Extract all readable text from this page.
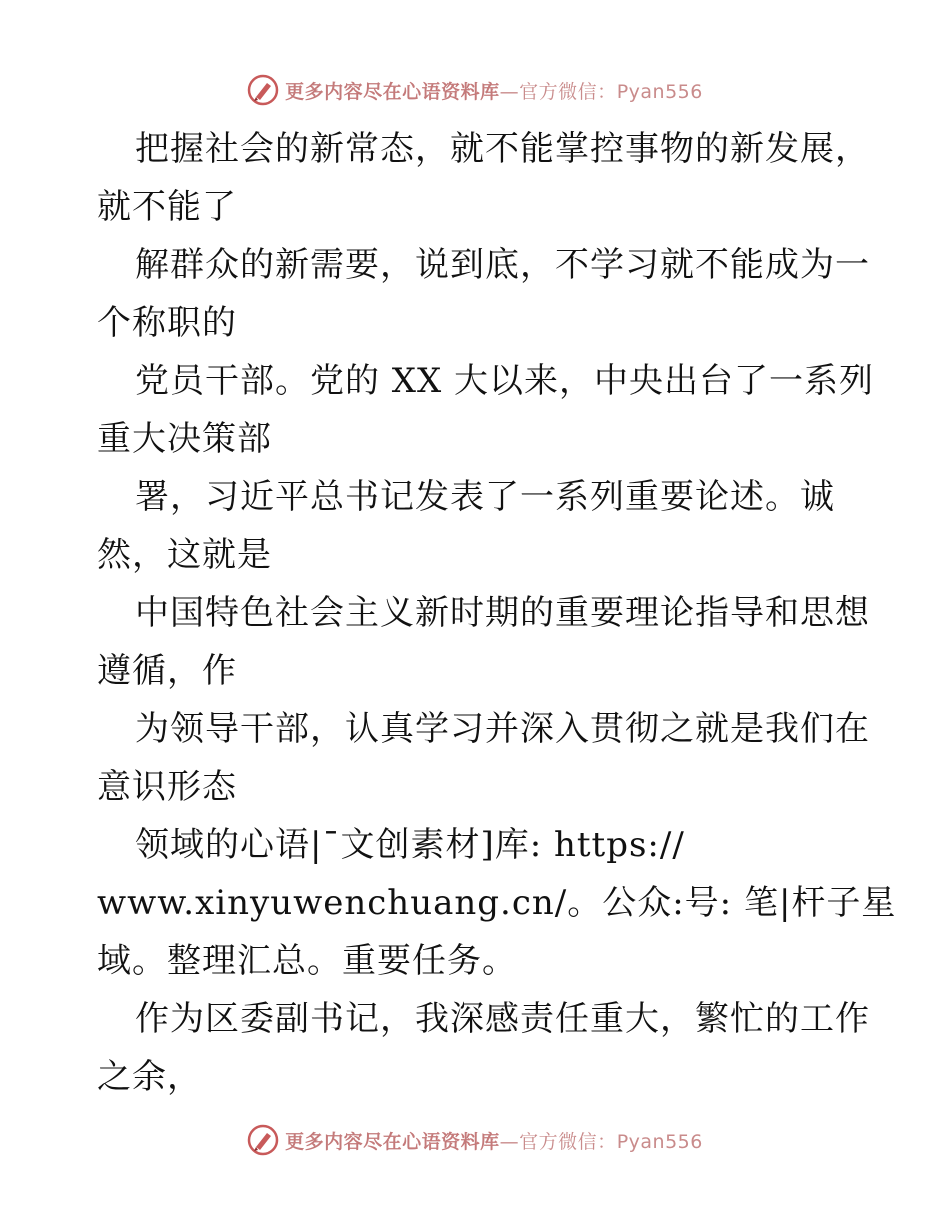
更多内容尽在心语资料库—官方微信：Pyan556
把握社会的新常态，就不能掌控事物的新发展，
就不能了
解群众的新需要，说到底，不学习就不能成为一
个称职的
党员干部。党的 XX 大以来，中央出台了一系列
重大决策部
署，习近平总书记发表了一系列重要论述。诚
然，这就是
中国特色社会主义新时期的重要理论指导和思想
遵循，作
为领导干部，认真学习并深入贯彻之就是我们在
意识形态
领域的心语|¯文创素材]库: https://
www.xinyuwenchuang.cn/。公众:号: 笔|杆子星
域。整理汇总。重要任务。
作为区委副书记，我深感责任重大，繁忙的工作
之余，
更多内容尽在心语资料库—官方微信：Pyan556
